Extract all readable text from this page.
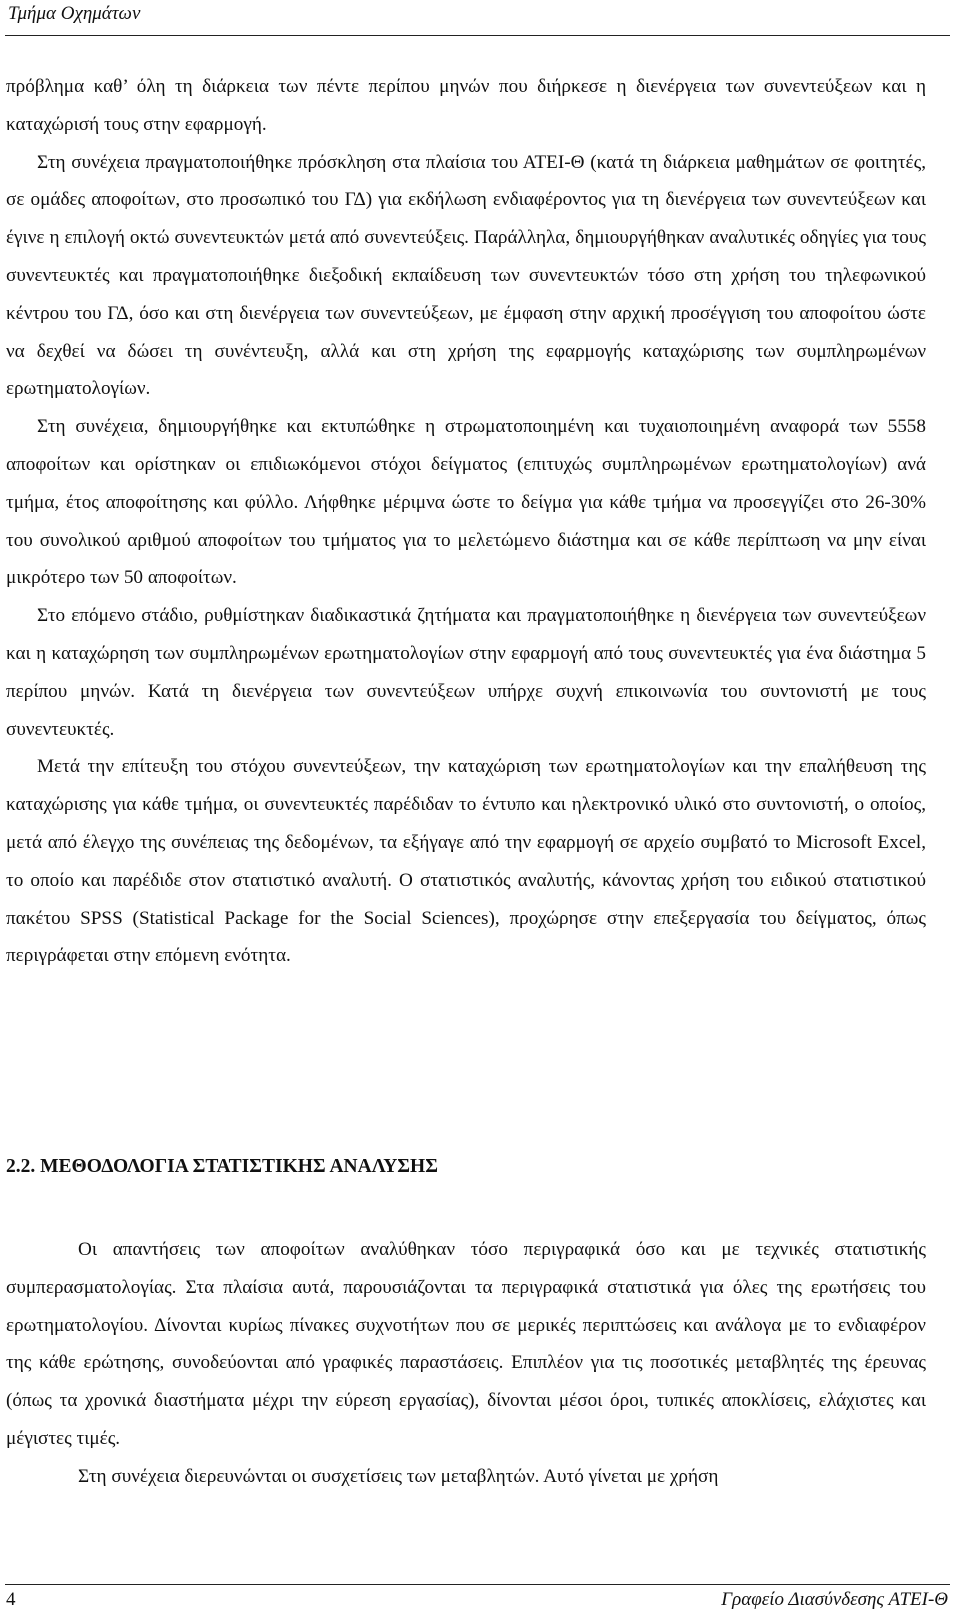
Τμήμα Οχημάτων

πρόβλημα καθ’ όλη τη διάρκεια των πέντε περίπου μηνών που διήρκεσε η διενέργεια των συνεντεύξεων και η καταχώρισή τους στην εφαρμογή.

Στη συνέχεια πραγματοποιήθηκε πρόσκληση στα πλαίσια του ΑΤΕΙ-Θ (κατά τη διάρκεια μαθημάτων σε φοιτητές, σε ομάδες αποφοίτων, στο προσωπικό του ΓΔ) για εκδήλωση ενδιαφέροντος για τη διενέργεια των συνεντεύξεων και έγινε η επιλογή οκτώ συνεντευκτών μετά από συνεντεύξεις. Παράλληλα, δημιουργήθηκαν αναλυτικές οδηγίες για τους συνεντευκτές και πραγματοποιήθηκε διεξοδική εκπαίδευση των συνεντευκτών τόσο στη χρήση του τηλεφωνικού κέντρου του ΓΔ, όσο και στη διενέργεια των συνεντεύξεων, με έμφαση στην αρχική προσέγγιση του αποφοίτου ώστε να δεχθεί να δώσει τη συνέντευξη, αλλά και στη χρήση της εφαρμογής καταχώρισης των συμπληρωμένων ερωτηματολογίων.

Στη συνέχεια, δημιουργήθηκε και εκτυπώθηκε η στρωματοποιημένη και τυχαιοποιημένη αναφορά των 5558 αποφοίτων και ορίστηκαν οι επιδιωκόμενοι στόχοι δείγματος (επιτυχώς συμπληρωμένων ερωτηματολογίων) ανά τμήμα, έτος αποφοίτησης και φύλλο. Λήφθηκε μέριμνα ώστε το δείγμα για κάθε τμήμα να προσεγγίζει στο 26-30% του συνολικού αριθμού αποφοίτων του τμήματος για το μελετώμενο διάστημα και σε κάθε περίπτωση να μην είναι μικρότερο των 50 αποφοίτων.

Στο επόμενο στάδιο, ρυθμίστηκαν διαδικαστικά ζητήματα και πραγματοποιήθηκε η διενέργεια των συνεντεύξεων και η καταχώρηση των συμπληρωμένων ερωτηματολογίων στην εφαρμογή από τους συνεντευκτές για ένα διάστημα 5 περίπου μηνών. Κατά τη διενέργεια των συνεντεύξεων υπήρχε συχνή επικοινωνία του συντονιστή με τους συνεντευκτές.

Μετά την επίτευξη του στόχου συνεντεύξεων, την καταχώριση των ερωτηματολογίων και την επαλήθευση της καταχώρισης για κάθε τμήμα, οι συνεντευκτές παρέδιδαν το έντυπο και ηλεκτρονικό υλικό στο συντονιστή, ο οποίος, μετά από έλεγχο της συνέπειας της δεδομένων, τα εξήγαγε από την εφαρμογή σε αρχείο συμβατό το Microsoft Excel, το οποίο και παρέδιδε στον στατιστικό αναλυτή. Ο στατιστικός αναλυτής, κάνοντας χρήση του ειδικού στατιστικού πακέτου SPSS (Statistical Package for the Social Sciences), προχώρησε στην επεξεργασία του δείγματος, όπως περιγράφεται στην επόμενη ενότητα.

2.2. ΜΕΘΟΔΟΛΟΓΙΑ ΣΤΑΤΙΣΤΙΚΗΣ ΑΝΑΛΥΣΗΣ

Οι απαντήσεις των αποφοίτων αναλύθηκαν τόσο περιγραφικά όσο και με τεχνικές στατιστικής συμπερασματολογίας. Στα πλαίσια αυτά, παρουσιάζονται τα περιγραφικά στατιστικά για όλες της ερωτήσεις του ερωτηματολογίου. Δίνονται κυρίως πίνακες συχνοτήτων που σε μερικές περιπτώσεις και ανάλογα με το ενδιαφέρον της κάθε ερώτησης, συνοδεύονται από γραφικές παραστάσεις. Επιπλέον για τις ποσοτικές μεταβλητές της έρευνας (όπως τα χρονικά διαστήματα μέχρι την εύρεση εργασίας), δίνονται μέσοι όροι, τυπικές αποκλίσεις, ελάχιστες και μέγιστες τιμές.

Στη συνέχεια διερευνώνται οι συσχετίσεις των μεταβλητών. Αυτό γίνεται με χρήση

4	Γραφείο Διασύνδεσης ΑΤΕΙ-Θ
